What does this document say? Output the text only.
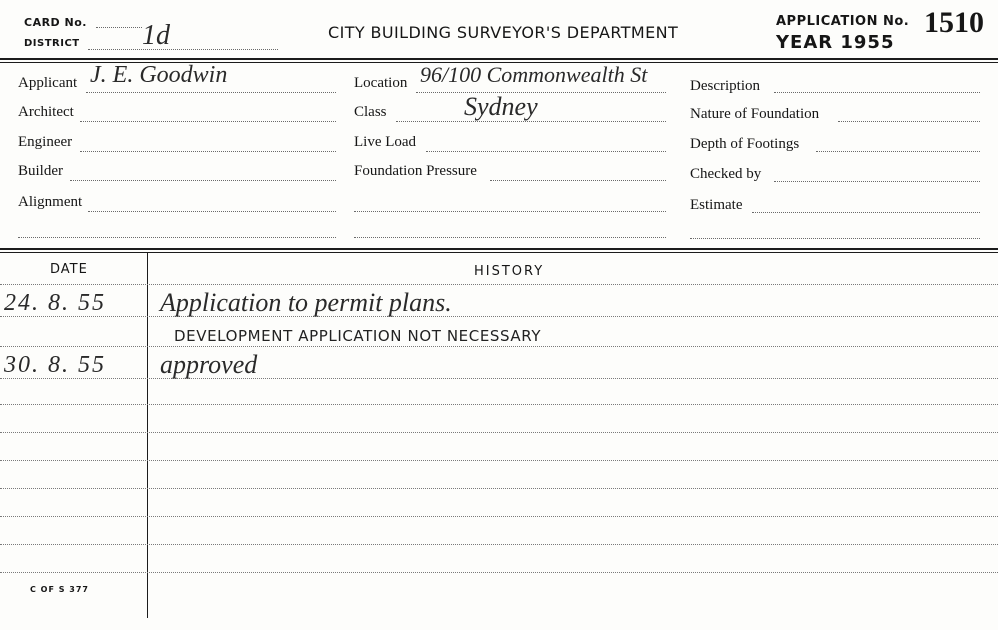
CARD No.
DISTRICT 1d	CITY BUILDING SURVEYOR'S DEPARTMENT
APPLICATION No. 1510
YEAR 1955
Applicant J. E. Goodwin
Architect
Engineer
Builder
Alignment
Location 96/100 Commonwealth St
Class	Sydney
Live Load
Foundation Pressure
Description
Nature of Foundation
Depth of Footings
Checked by
Estimate
DATE	HISTORY
24. 8. 55 Application to permit plans.
DEVELOPMENT APPLICATION NOT NECESSARY
30. 8. 55 approved
C OF S 377
